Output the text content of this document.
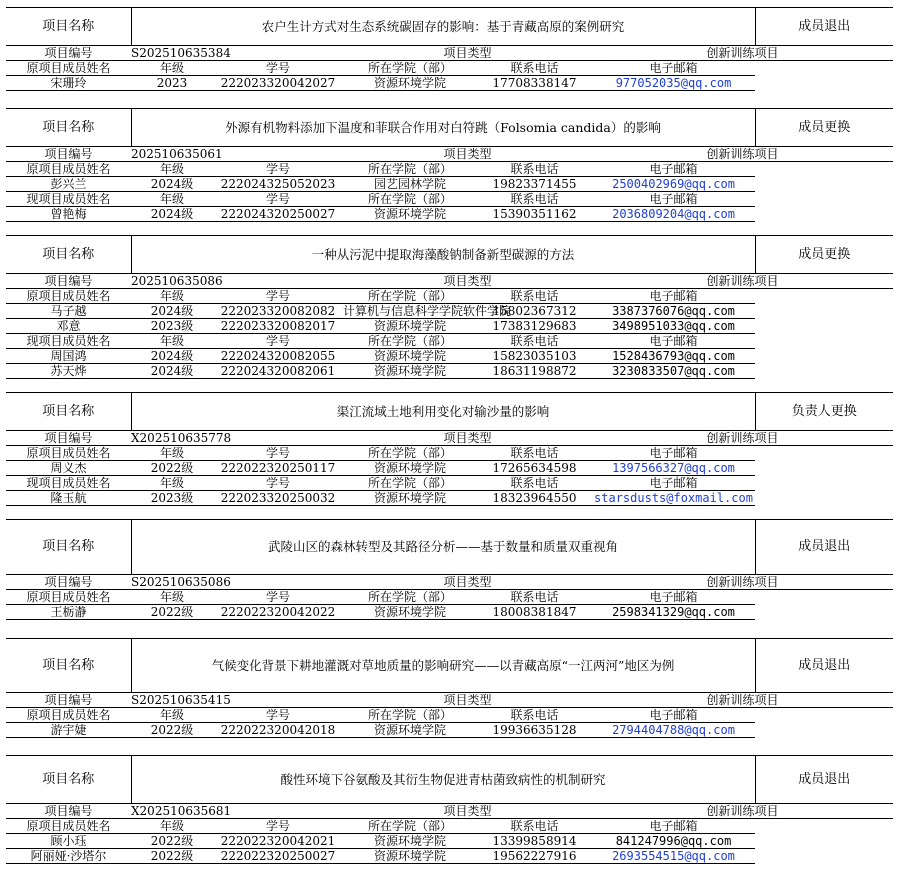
项目名称	农户生计方式对生态系统碳固存的影响：基于青藏高原的案例研究					成员退出
项目编号	S202510635384		项目类型		创新训练项目	
原项目成员姓名	年级	学号	所在学院（部）	联系电话	电子邮箱	
宋珊玲	2023	222023320042027	资源环境学院	17708338147	977052035@qq.com	
项目名称	外源有机物料添加下温度和菲联合作用对白符跳（Folsomia candida）的影响					成员更换
项目编号	202510635061		项目类型		创新训练项目	
原项目成员姓名	年级	学号	所在学院（部）	联系电话	电子邮箱	
彭兴兰	2024级	222024325052023	园艺园林学院	19823371455	2500402969@qq.com	
现项目成员姓名	年级	学号	所在学院（部）	联系电话	电子邮箱	
曾艳梅	2024级	222024320250027	资源环境学院	15390351162	2036809204@qq.com	
项目名称	一种从污泥中提取海藻酸钠制备新型碳源的方法					成员更换
项目编号	202510635086		项目类型		创新训练项目	
原项目成员姓名	年级	学号	所在学院（部）	联系电话	电子邮箱	
马子越	2024级	222023320082082	计算机与信息科学学院软件学院	15802367312	3387376076@qq.com	
邓意	2023级	222023320082017	资源环境学院	17383129683	3498951033@qq.com	
现项目成员姓名	年级	学号	所在学院（部）	联系电话	电子邮箱	
周国鸿	2024级	222024320082055	资源环境学院	15823035103	1528436793@qq.com	
苏天烨	2024级	222024320082061	资源环境学院	18631198872	3230833507@qq.com	
项目名称	渠江流域土地利用变化对输沙量的影响					负责人更换
项目编号	X202510635778		项目类型		创新训练项目	
原项目成员姓名	年级	学号	所在学院（部）	联系电话	电子邮箱	
周义杰	2022级	222022320250117	资源环境学院	17265634598	1397566327@qq.com	
现项目成员姓名	年级	学号	所在学院（部）	联系电话	电子邮箱	
隆玉航	2023级	222023320250032	资源环境学院	18323964550	starsdusts@foxmail.com	
项目名称	武陵山区的森林转型及其路径分析——基于数量和质量双重视角					成员退出
项目编号	S202510635086		项目类型		创新训练项目	
原项目成员姓名	年级	学号	所在学院（部）	联系电话	电子邮箱	
王栃瀞	2022级	222022320042022	资源环境学院	18008381847	2598341329@qq.com	
项目名称	气候变化背景下耕地灌溉对草地质量的影响研究——以青藏高原“一江两河”地区为例					成员退出
项目编号	S202510635415		项目类型		创新训练项目	
原项目成员姓名	年级	学号	所在学院（部）	联系电话	电子邮箱	
游宇婕	2022级	222022320042018	资源环境学院	19936635128	2794404788@qq.com	
项目名称	酸性环境下谷氨酸及其衍生物促进青枯菌致病性的机制研究					成员退出
项目编号	X202510635681		项目类型		创新训练项目	
原项目成员姓名	年级	学号	所在学院（部）	联系电话	电子邮箱	
顾小珏	2022级	222022320042021	资源环境学院	13399858914	841247996@qq.com	
阿丽娅·沙塔尔	2022级	222022320250027	资源环境学院	19562227916	2693554515@qq.com	
